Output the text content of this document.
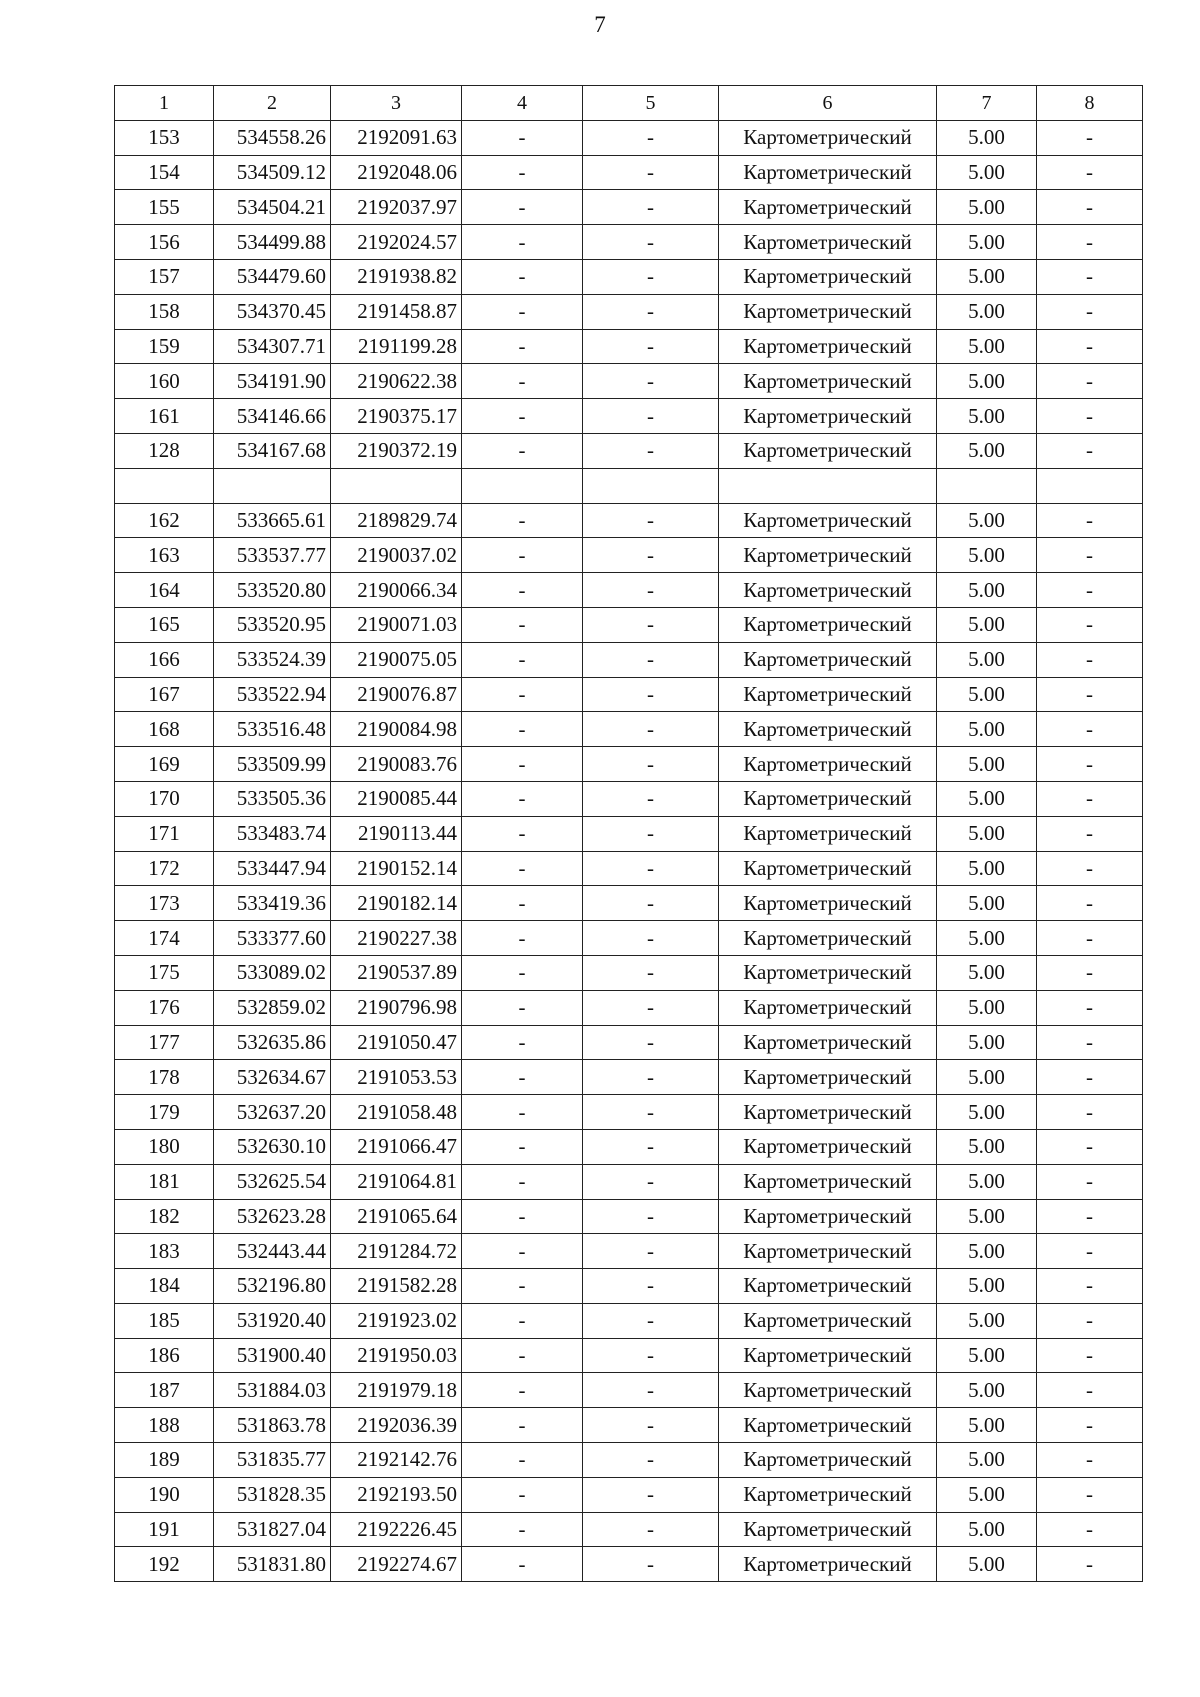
7
1	2	3	4	5	6	7	8
153	534558.26	2192091.63	-	-	Картометрический	5.00	-
154	534509.12	2192048.06	-	-	Картометрический	5.00	-
155	534504.21	2192037.97	-	-	Картометрический	5.00	-
156	534499.88	2192024.57	-	-	Картометрический	5.00	-
157	534479.60	2191938.82	-	-	Картометрический	5.00	-
158	534370.45	2191458.87	-	-	Картометрический	5.00	-
159	534307.71	2191199.28	-	-	Картометрический	5.00	-
160	534191.90	2190622.38	-	-	Картометрический	5.00	-
161	534146.66	2190375.17	-	-	Картометрический	5.00	-
128	534167.68	2190372.19	-	-	Картометрический	5.00	-

162	533665.61	2189829.74	-	-	Картометрический	5.00	-
163	533537.77	2190037.02	-	-	Картометрический	5.00	-
164	533520.80	2190066.34	-	-	Картометрический	5.00	-
165	533520.95	2190071.03	-	-	Картометрический	5.00	-
166	533524.39	2190075.05	-	-	Картометрический	5.00	-
167	533522.94	2190076.87	-	-	Картометрический	5.00	-
168	533516.48	2190084.98	-	-	Картометрический	5.00	-
169	533509.99	2190083.76	-	-	Картометрический	5.00	-
170	533505.36	2190085.44	-	-	Картометрический	5.00	-
171	533483.74	2190113.44	-	-	Картометрический	5.00	-
172	533447.94	2190152.14	-	-	Картометрический	5.00	-
173	533419.36	2190182.14	-	-	Картометрический	5.00	-
174	533377.60	2190227.38	-	-	Картометрический	5.00	-
175	533089.02	2190537.89	-	-	Картометрический	5.00	-
176	532859.02	2190796.98	-	-	Картометрический	5.00	-
177	532635.86	2191050.47	-	-	Картометрический	5.00	-
178	532634.67	2191053.53	-	-	Картометрический	5.00	-
179	532637.20	2191058.48	-	-	Картометрический	5.00	-
180	532630.10	2191066.47	-	-	Картометрический	5.00	-
181	532625.54	2191064.81	-	-	Картометрический	5.00	-
182	532623.28	2191065.64	-	-	Картометрический	5.00	-
183	532443.44	2191284.72	-	-	Картометрический	5.00	-
184	532196.80	2191582.28	-	-	Картометрический	5.00	-
185	531920.40	2191923.02	-	-	Картометрический	5.00	-
186	531900.40	2191950.03	-	-	Картометрический	5.00	-
187	531884.03	2191979.18	-	-	Картометрический	5.00	-
188	531863.78	2192036.39	-	-	Картометрический	5.00	-
189	531835.77	2192142.76	-	-	Картометрический	5.00	-
190	531828.35	2192193.50	-	-	Картометрический	5.00	-
191	531827.04	2192226.45	-	-	Картометрический	5.00	-
192	531831.80	2192274.67	-	-	Картометрический	5.00	-
